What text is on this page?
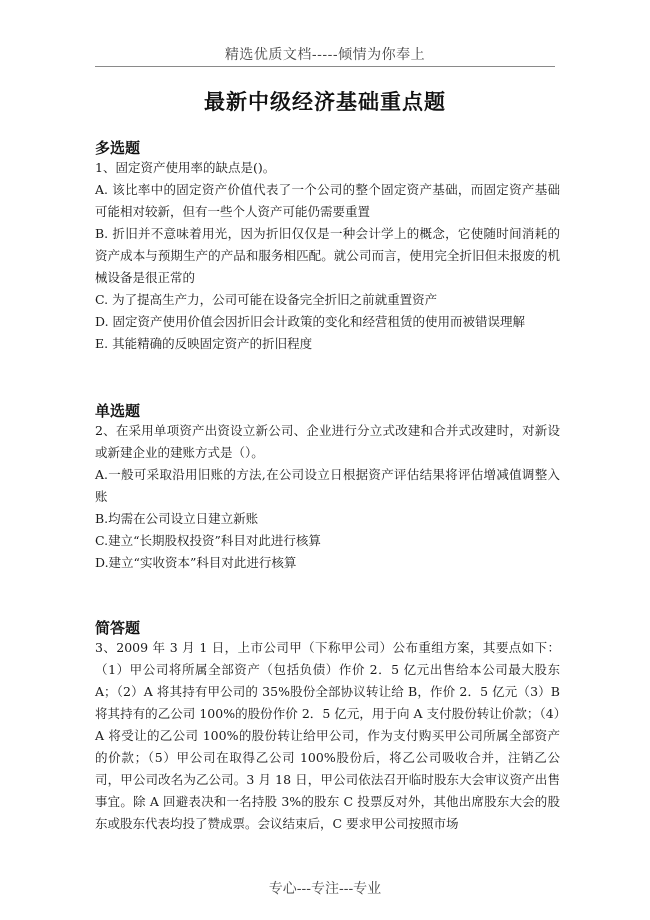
精选优质文档-----倾情为你奉上
最新中级经济基础重点题
多选题

1、固定资产使用率的缺点是()。

A. 该比率中的固定资产价值代表了一个公司的整个固定资产基础，而固定资产基础可能相对较新，但有一些个人资产可能仍需要重置

B. 折旧并不意味着用光，因为折旧仅仅是一种会计学上的概念，它使随时间消耗的资产成本与预期生产的产品和服务相匹配。就公司而言，使用完全折旧但未报废的机械设备是很正常的

C. 为了提高生产力，公司可能在设备完全折旧之前就重置资产

D. 固定资产使用价值会因折旧会计政策的变化和经营租赁的使用而被错误理解

E. 其能精确的反映固定资产的折旧程度

单选题

2、在采用单项资产出资设立新公司、企业进行分立式改建和合并式改建时，对新设或新建企业的建账方式是（）。

A.一般可采取沿用旧账的方法,在公司设立日根据资产评估结果将评估增减值调整入账

B.均需在公司设立日建立新账

C.建立“长期股权投资”科目对此进行核算

D.建立“实收资本”科目对此进行核算

简答题

3、2009 年 3 月 1 日，上市公司甲（下称甲公司）公布重组方案，其要点如下：（1）甲公司将所属全部资产（包括负债）作价 2．5 亿元出售给本公司最大股东A；（2）A 将其持有甲公司的 35%股份全部协议转让给 B，作价 2．5 亿元（3）B 将其持有的乙公司 100%的股份作价 2．5 亿元，用于向 A 支付股份转让价款；（4）A 将受让的乙公司 100%的股份转让给甲公司，作为支付购买甲公司所属全部资产的价款；（5）甲公司在取得乙公司 100%股份后，将乙公司吸收合并，注销乙公司，甲公司改名为乙公司。3 月 18 日，甲公司依法召开临时股东大会审议资产出售事宜。除 A 回避表决和一名持股 3%的股东 C 投票反对外，其他出席股东大会的股东或股东代表均投了赞成票。会议结束后，C 要求甲公司按照市场

专心---专注---专业
